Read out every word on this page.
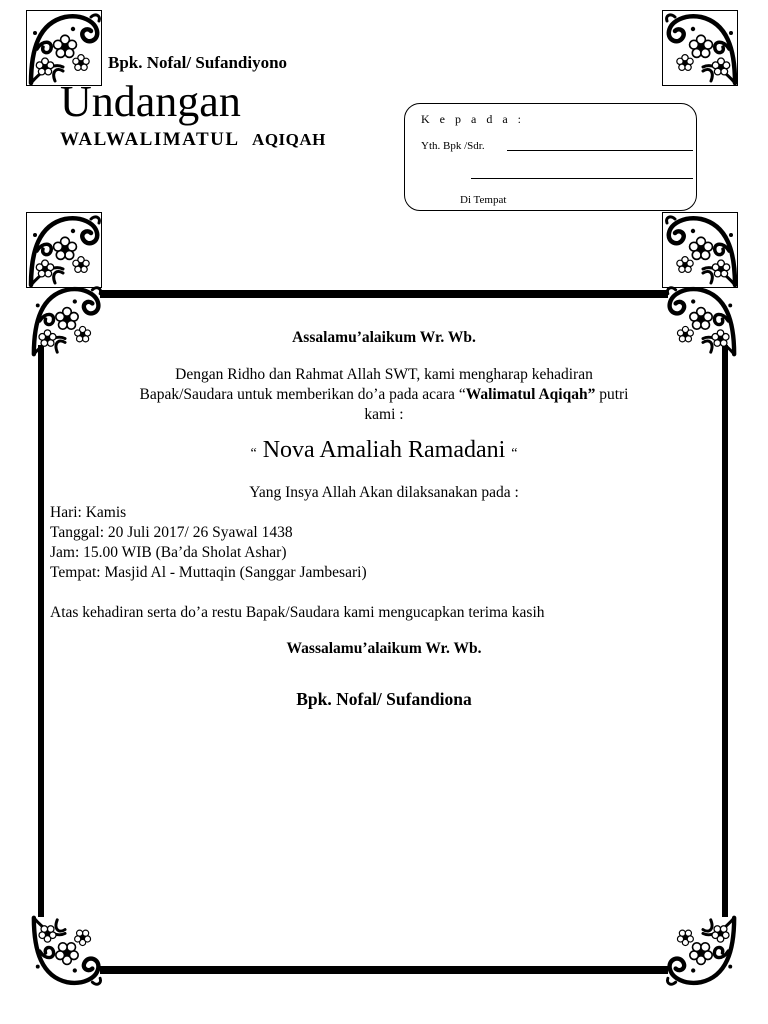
Bpk. Nofal/ Sufandiyono
Undangan
WALWALIMATUL AQIQAH
K e p a d a :
Yth. Bpk /Sdr.
Di Tempat
Assalamu’alaikum Wr. Wb.
Dengan Ridho dan Rahmat Allah SWT, kami mengharap kehadiran
Bapak/Saudara untuk memberikan do’a pada acara “Walimatul Aqiqah” putri
kami :
“ Nova Amaliah Ramadani “
Yang Insya Allah Akan dilaksanakan pada :
Hari: Kamis
Tanggal: 20 Juli 2017/ 26 Syawal 1438
Jam: 15.00 WIB (Ba’da Sholat Ashar)
Tempat: Masjid Al - Muttaqin (Sanggar Jambesari)
Atas kehadiran serta do’a restu Bapak/Saudara kami mengucapkan terima kasih
Wassalamu’alaikum Wr. Wb.
Bpk. Nofal/ Sufandiona
